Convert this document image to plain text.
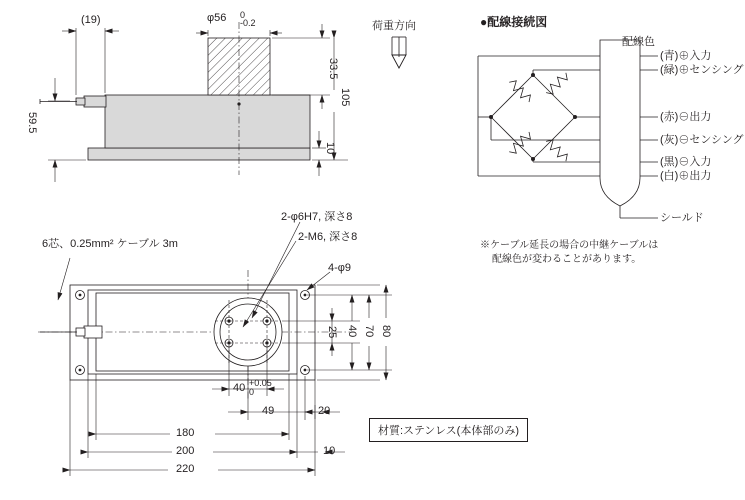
(19)	φ56 0
-0.2
33.5
105
10
59.5
荷重方向
6芯、0.25mm² ケーブル 3m
2-φ6H7, 深さ8
2-M6, 深さ8
4-φ9
25 40 70 80
40 +0.05
0
49	20
180
200	10
220
材質:ステンレス(本体部のみ)
●配線接続図
配線色
(青)⊕入力
(緑)⊕センシング
(赤)⊖出力
(灰)⊖センシング
(黒)⊖入力
(白)⊕出力
シールド
※ケーブル延長の場合の中継ケーブルは
配線色が変わることがあります。
